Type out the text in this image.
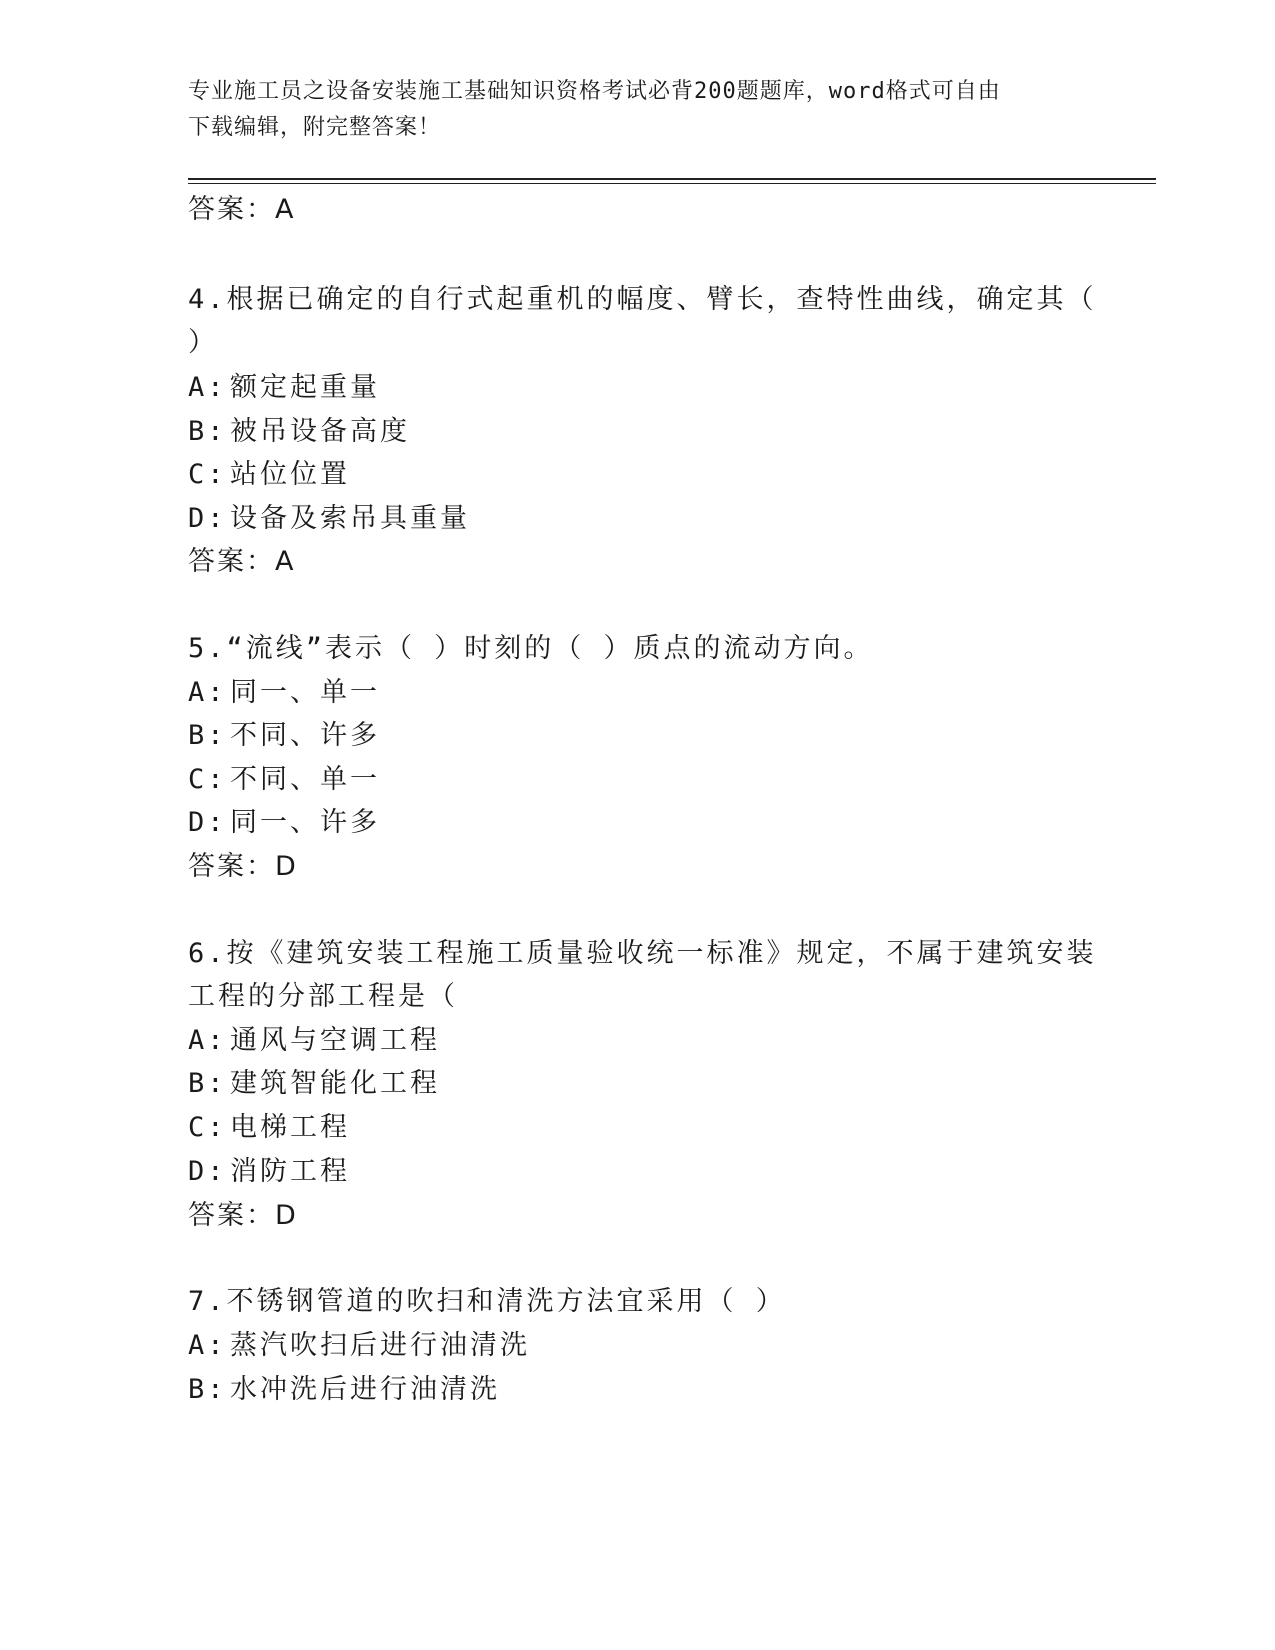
专业施工员之设备安装施工基础知识资格考试必背200题题库，word格式可自由
下载编辑，附完整答案！
答案：A
4.根据已确定的自行式起重机的幅度、臂长，查特性曲线，确定其（
）
A: 额定起重量
B: 被吊设备高度
C: 站位位置
D: 设备及索吊具重量
答案：A
5.“流线”表示（ ）时刻的（ ）质点的流动方向。
A: 同一、单一
B: 不同、许多
C: 不同、单一
D: 同一、许多
答案：D
6.按《建筑安装工程施工质量验收统一标准》规定，不属于建筑安装
工程的分部工程是（
A: 通风与空调工程
B: 建筑智能化工程
C: 电梯工程
D: 消防工程
答案：D
7.不锈钢管道的吹扫和清洗方法宜采用（ ）
A: 蒸汽吹扫后进行油清洗
B: 水冲洗后进行油清洗
